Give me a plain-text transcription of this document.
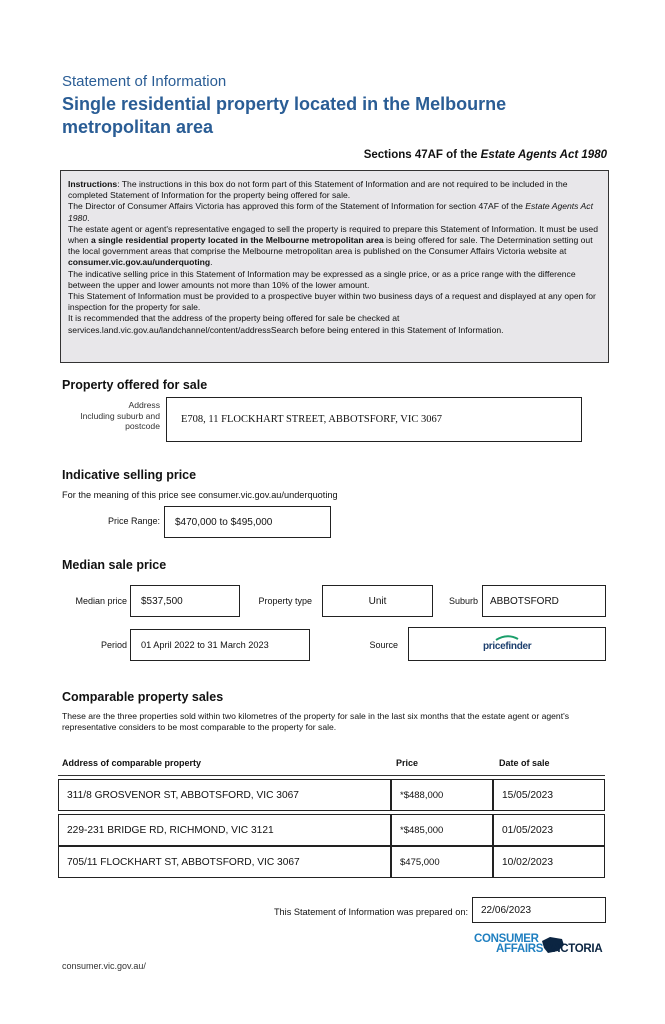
Statement of Information
Single residential property located in the Melbourne metropolitan area
Sections 47AF of the Estate Agents Act 1980
Instructions: The instructions in this box do not form part of this Statement of Information and are not required to be included in the completed Statement of Information for the property being offered for sale.
The Director of Consumer Affairs Victoria has approved this form of the Statement of Information for section 47AF of the Estate Agents Act 1980.
The estate agent or agent's representative engaged to sell the property is required to prepare this Statement of Information. It must be used when a single residential property located in the Melbourne metropolitan area is being offered for sale. The Determination setting out the local government areas that comprise the Melbourne metropolitan area is published on the Consumer Affairs Victoria website at consumer.vic.gov.au/underquoting.
The indicative selling price in this Statement of Information may be expressed as a single price, or as a price range with the difference between the upper and lower amounts not more than 10% of the lower amount.
This Statement of Information must be provided to a prospective buyer within two business days of a request and displayed at any open for inspection for the property for sale.
It is recommended that the address of the property being offered for sale be checked at services.land.vic.gov.au/landchannel/content/addressSearch before being entered in this Statement of Information.
Property offered for sale
Address
Including suburb and
postcode
E708, 11 FLOCKHART STREET, ABBOTSFORF, VIC 3067
Indicative selling price
For the meaning of this price see consumer.vic.gov.au/underquoting
Price Range:	$470,000 to $495,000
Median sale price
Median price	$537,500	Property type	Unit	Suburb	ABBOTSFORD
Period	01 April 2022 to 31 March 2023	Source	pricefinder
Comparable property sales
These are the three properties sold within two kilometres of the property for sale in the last six months that the estate agent or agent's representative considers to be most comparable to the property for sale.
Address of comparable property	Price	Date of sale
311/8 GROSVENOR ST, ABBOTSFORD, VIC 3067	*$488,000	15/05/2023
229-231 BRIDGE RD, RICHMOND, VIC 3121	*$485,000	01/05/2023
705/11 FLOCKHART ST, ABBOTSFORD, VIC 3067	$475,000	10/02/2023
This Statement of Information was prepared on:	22/06/2023
CONSUMER
AFFAIRS VICTORIA
consumer.vic.gov.au/
